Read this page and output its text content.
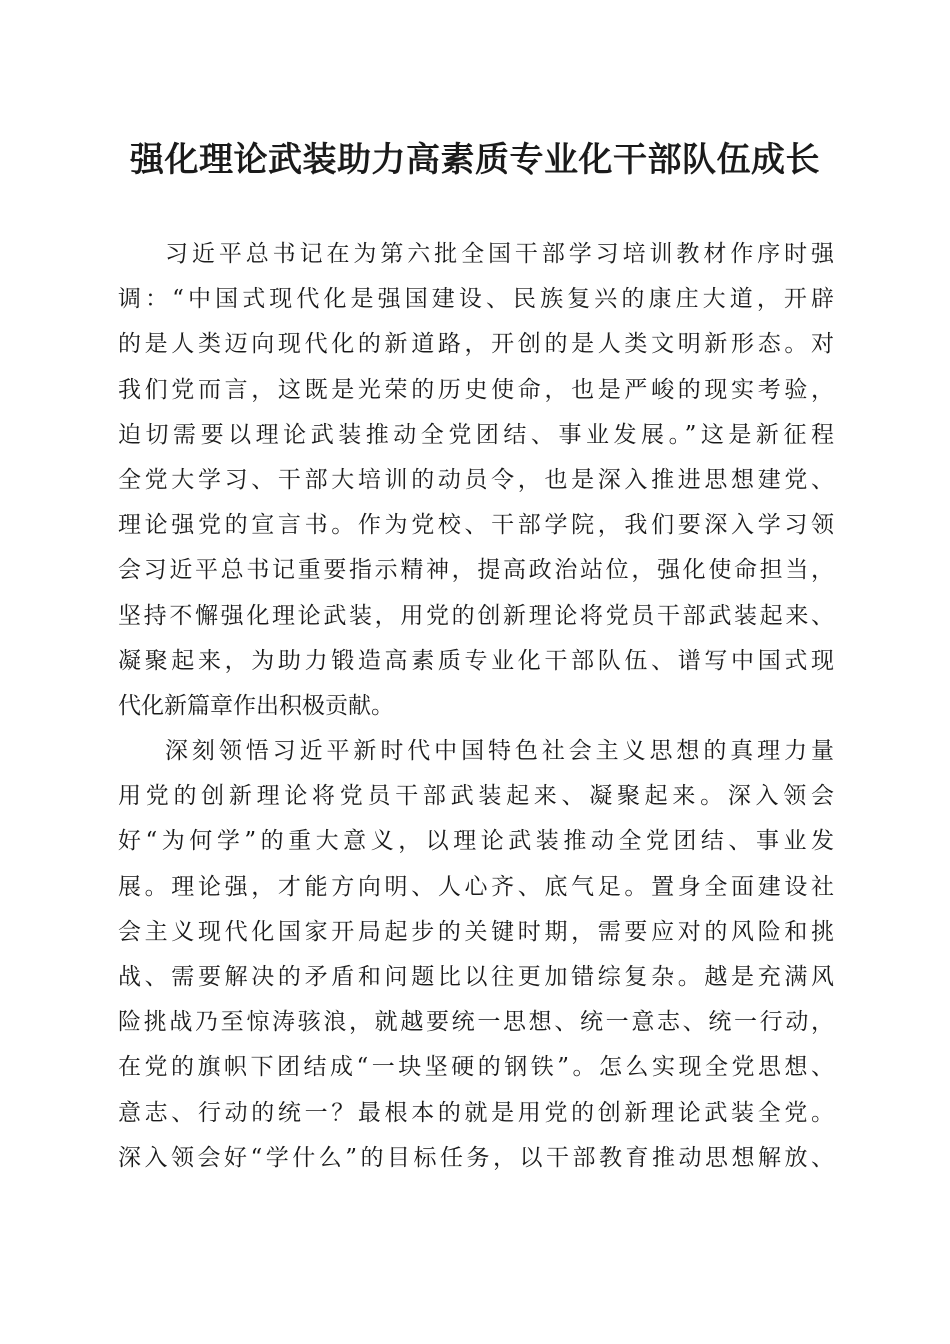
强化理论武装助力高素质专业化干部队伍成长
习近平总书记在为第六批全国干部学习培训教材作序时强
调：“中国式现代化是强国建设、民族复兴的康庄大道，开辟
的是人类迈向现代化的新道路，开创的是人类文明新形态。对
我们党而言，这既是光荣的历史使命，也是严峻的现实考验，
迫切需要以理论武装推动全党团结、事业发展。”这是新征程
全党大学习、干部大培训的动员令，也是深入推进思想建党、
理论强党的宣言书。作为党校、干部学院，我们要深入学习领
会习近平总书记重要指示精神，提高政治站位，强化使命担当，
坚持不懈强化理论武装，用党的创新理论将党员干部武装起来、
凝聚起来，为助力锻造高素质专业化干部队伍、谱写中国式现
代化新篇章作出积极贡献。
深刻领悟习近平新时代中国特色社会主义思想的真理力量
用党的创新理论将党员干部武装起来、凝聚起来。深入领会
好“为何学”的重大意义，以理论武装推动全党团结、事业发
展。理论强，才能方向明、人心齐、底气足。置身全面建设社
会主义现代化国家开局起步的关键时期，需要应对的风险和挑
战、需要解决的矛盾和问题比以往更加错综复杂。越是充满风
险挑战乃至惊涛骇浪，就越要统一思想、统一意志、统一行动，
在党的旗帜下团结成“一块坚硬的钢铁”。怎么实现全党思想、
意志、行动的统一？最根本的就是用党的创新理论武装全党。
深入领会好“学什么”的目标任务，以干部教育推动思想解放、
